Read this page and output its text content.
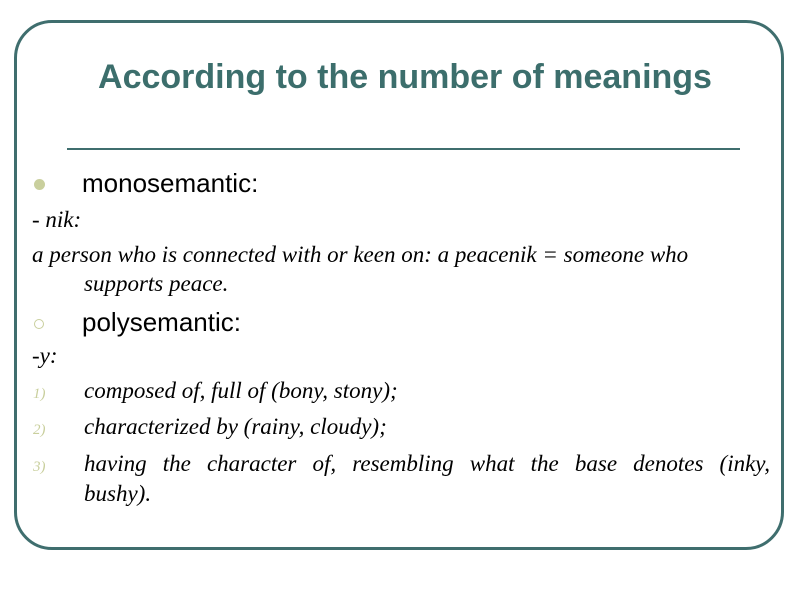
According to the number of meanings
monosemantic:
- nik:
a person who is connected with or keen on: a peacenik = someone who
supports peace.
polysemantic:
-y:
1) composed of, full of (bony, stony);
2) characterized by (rainy, cloudy);
3) having the character of, resembling what the base denotes (inky,
bushy).
